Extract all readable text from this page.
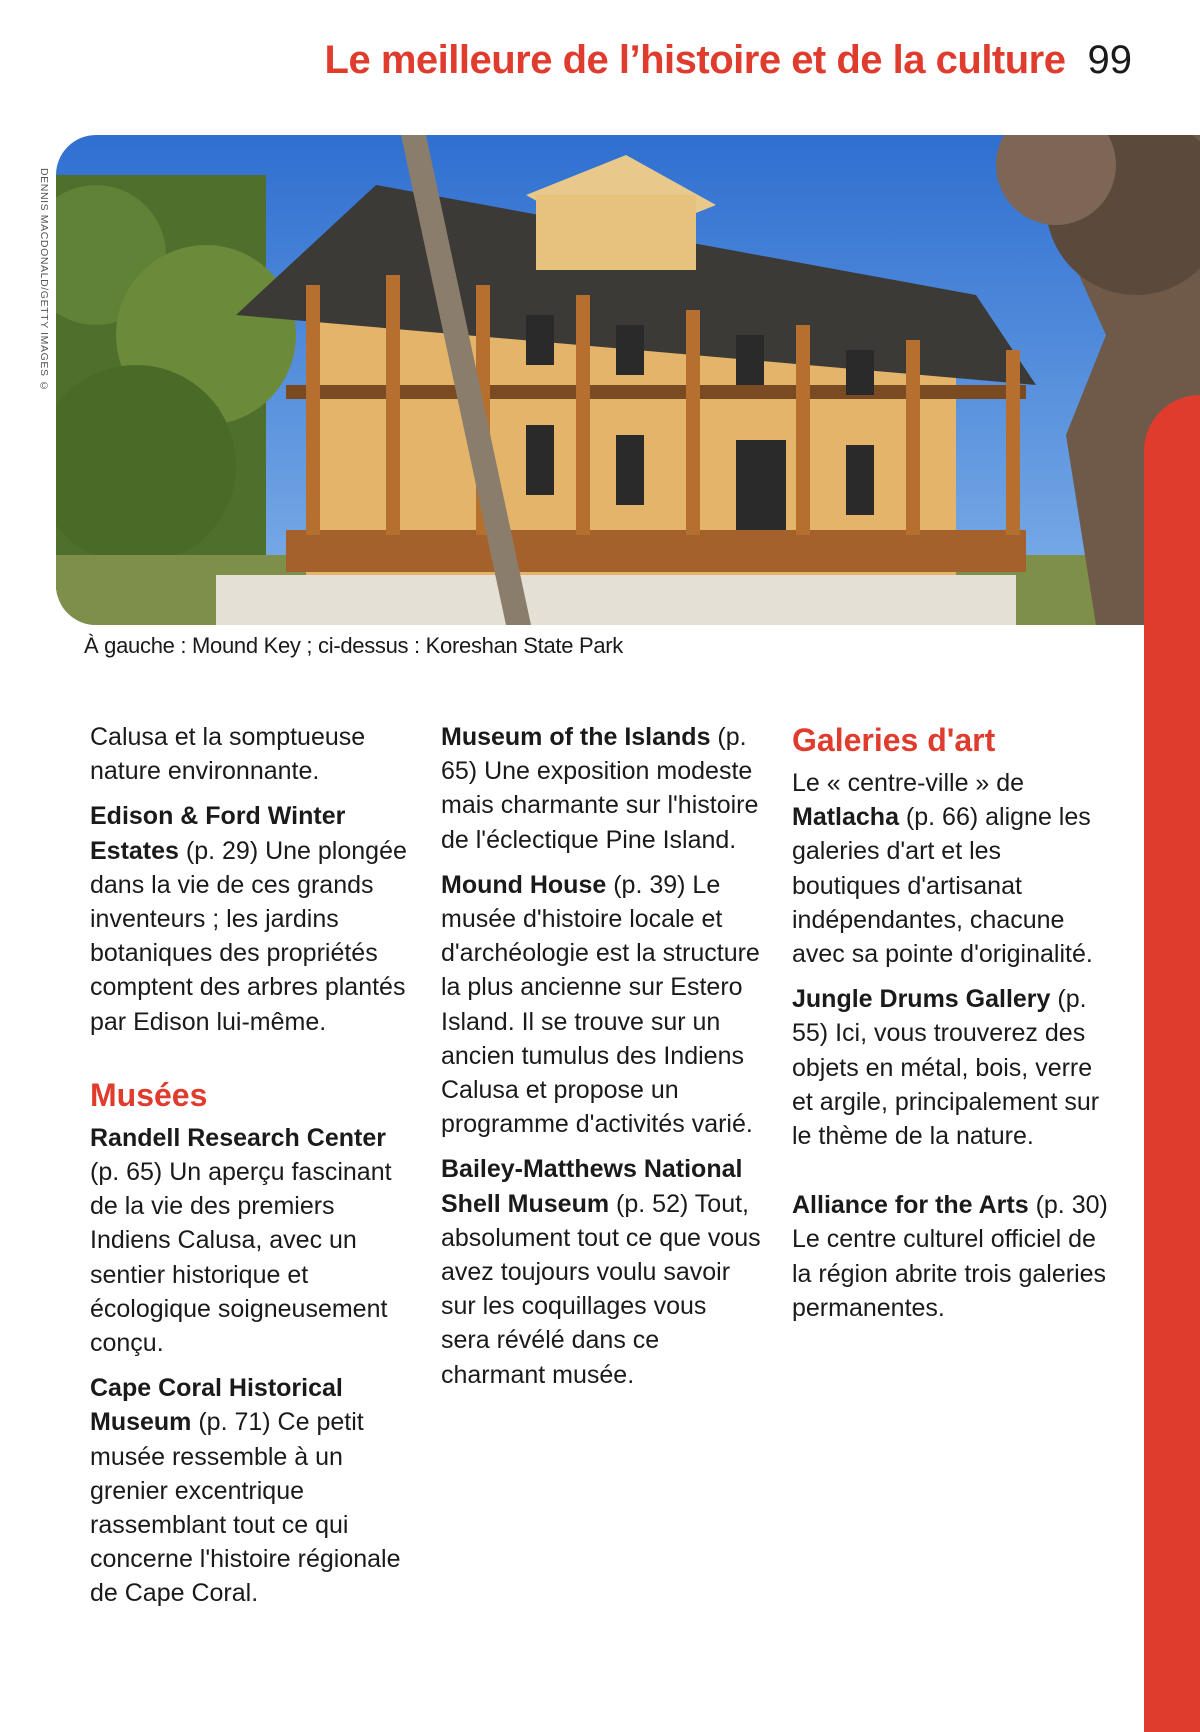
Le meilleure de l’histoire et de la culture 99
DENNIS MACDONALD/GETTY IMAGES ©
À gauche : Mound Key ; ci-dessus : Koreshan State Park

Calusa et la somptueuse nature environnante.

Edison & Ford Winter Estates (p. 29) Une plongée dans la vie de ces grands inventeurs ; les jardins botaniques des propriétés comptent des arbres plantés par Edison lui-même.

Musées

Randell Research Center (p. 65) Un aperçu fascinant de la vie des premiers Indiens Calusa, avec un sentier historique et écologique soigneusement conçu.

Cape Coral Historical Museum (p. 71) Ce petit musée ressemble à un grenier excentrique rassemblant tout ce qui concerne l'histoire régionale de Cape Coral.

Museum of the Islands (p. 65) Une exposition modeste mais charmante sur l'histoire de l'éclectique Pine Island.

Mound House (p. 39) Le musée d'histoire locale et d'archéologie est la structure la plus ancienne sur Estero Island. Il se trouve sur un ancien tumulus des Indiens Calusa et propose un programme d'activités varié.

Bailey-Matthews National Shell Museum (p. 52) Tout, absolument tout ce que vous avez toujours voulu savoir sur les coquillages vous sera révélé dans ce charmant musée.

Galeries d'art

Le « centre-ville » de Matlacha (p. 66) aligne les galeries d'art et les boutiques d'artisanat indépendantes, chacune avec sa pointe d'originalité.

Jungle Drums Gallery (p. 55) Ici, vous trouverez des objets en métal, bois, verre et argile, principalement sur le thème de la nature.

Alliance for the Arts (p. 30) Le centre culturel officiel de la région abrite trois galeries permanentes.
